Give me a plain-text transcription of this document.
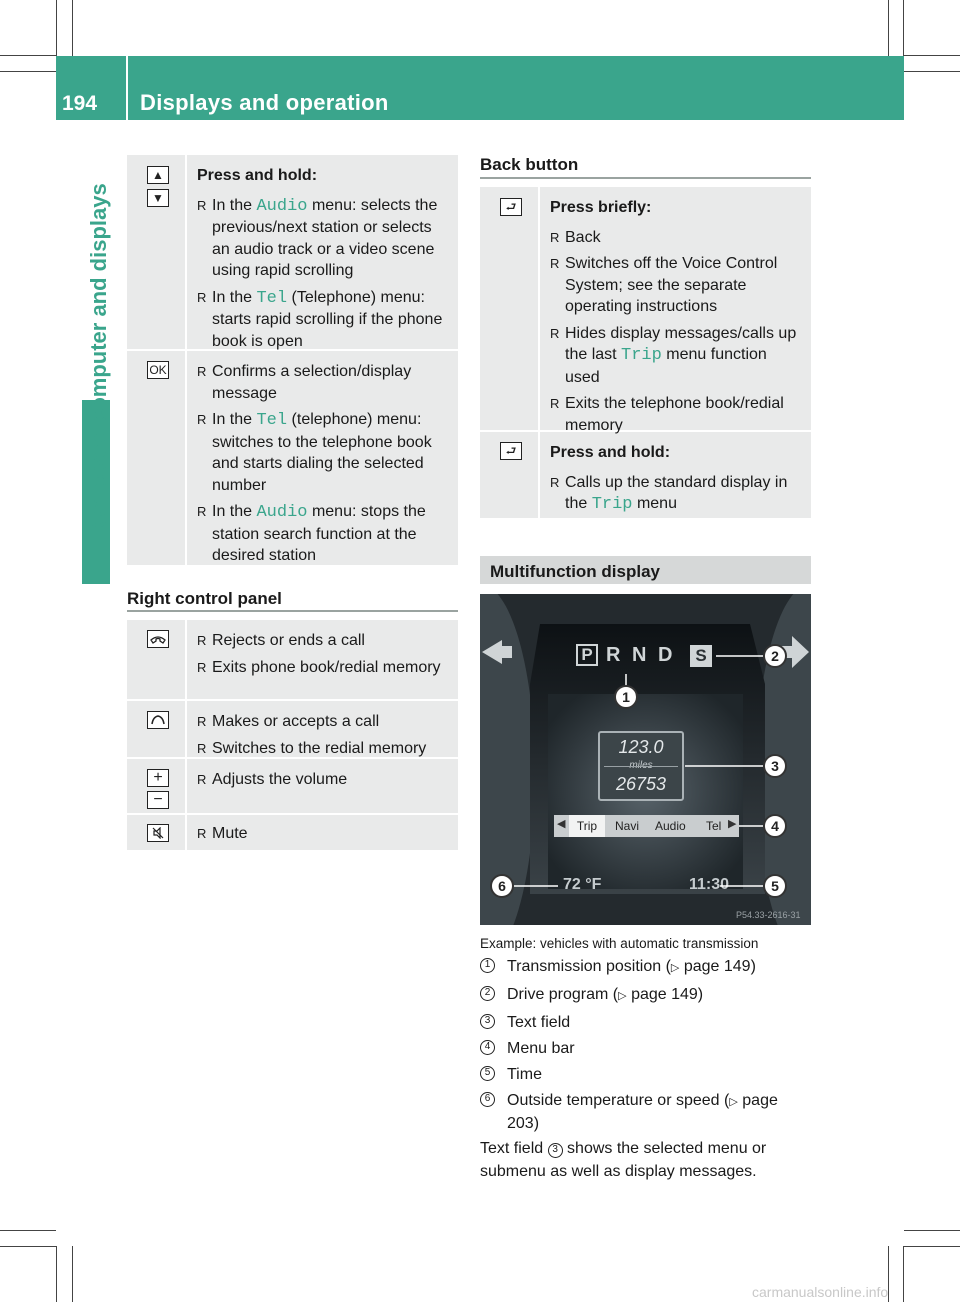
194 Displays and operation
On-board computer and displays
▲
▼
Press and hold:
R In the Audio menu: selects the previous/next station or selects an audio track or a video scene using rapid scrolling
R In the Tel (Telephone) menu: starts rapid scrolling if the phone book is open
OK
R	Confirms a selection/display message
R In the Tel (telephone) menu: switches to the telephone book and starts dialing the selected number
R In the Audio menu: stops the station search function at the desired station
Right control panel
R Rejects or ends a call
R Exits phone book/redial memory
R Makes or accepts a call
R Switches to the redial memory
+
−
R Adjusts the volume
R Mute
Back button
⮐	Press briefly:
R Back
R Switches off the Voice Control System; see the separate operating instructions
R Hides display messages/calls up the last Trip menu function used
R Exits the telephone book/redial memory
⮐	Press and hold:
R Calls up the standard display in the Trip menu
Multifunction display
P R N D	S
123.0
26753
◀ Trip	Navi Audio Tel ▶
72 °F	11:30
P54.33-2616-31
1
2
3
4
5
6
Example: vehicles with automatic transmission
1 Transmission position (▷ page 149)
2 Drive program (▷ page 149)
3 Text field
4 Menu bar
5 Time
6 Outside temperature or speed (▷ page 203)
Text field 3 shows the selected menu or submenu as well as display messages.
carmanualsonline.info
